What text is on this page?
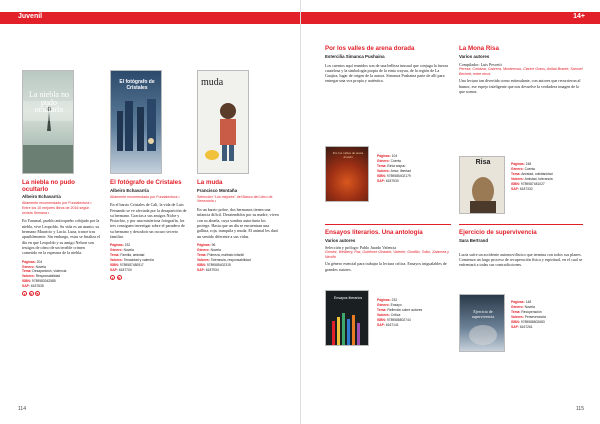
Juvenil
La niebla no pudo ocultarlo
El fotógrafo de Cristales	muda
La niebla no pudo ocultarlo
Albeiro Echavarría
Altamente recomendado por Fundalectura • Entre los 10 mejores libros de 2016 según revista Semana •
En Yarumal, pueblo antioqueño cobijado por la niebla, vive Leopoldo. Su vida es un asunto, su hermano Mauricio y Lucía. Luna, trance tras apasiblemente. Sin embargo, estas se finaliza el día en que Leopoldo y su amigo Nelson son testigos de cómo de un terrible crimen cometido en la espesura de la niebla.
Páginas: 204
Género: Novela
Tema: Desaparición, violencia
Valores: Responsabilidad
ISBN: 9789583042585
SAP: 6187835
●	★	✎
El fotógrafo de Cristales
Albeiro Echavarría
Altamente recomendado por Fundalectura •
En el barrio Cristales de Cali, la vida de Luis Fernando se ve afectada por la desaparición de su hermano. Gracias a sus amigos Niche y Pistachio, y por una misteriosa fotografía, los tres consiguen investigar sobre el paradero de su hermano y descubrir un oscuro secreto familiar.
Páginas: 232
Género: Novela
Tema: Familia, amistad
Valores: Tenacidad y valentía
ISBN: 9789587480517
SAP: 6187700
●	★
La muda
Francisco Montaña
Selección "Los mejores" del Banco del Libro de Venezuela •
En un barrio pobre, dos hermanos tienen una infancia difícil. Desatendidos por su madre, viven con su abuela, cuya sombra autoritaria los protege. Hasta que un día se encuentran una gallina, roja, tranquila y muda. El animal les dará un sentido diferente a sus vidas.
Páginas: 96
Género: Novela
Tema: Pobreza, maltrato infantil
Valores: Tolerancia, responsabilidad
ISBN: 9789585402315
SAP: 6187934
114
14+
Por los valles de arena dorada
Estercilia Simanca Pushaina
Los cuentos aquí reunidos son de una belleza inusual que conjuga la fuerza cautelosa y la simbología propia de la etnia wayuu, de la región de La Guajira, lugar de origen de la autora. Simanca Pushaina parte de allí para entregar una voz propia y auténtica.
Por los valles de arena dorada	Páginas: 104
Género: Cuento
Tema: Etnia wayuu
Valores: Amor, libertad
ISBN: 9789585402179
SAP: 6187930
La Mona Risa
Varios autores
Compilador: Luis Pescetti
Pereza, Cortázar, Cabrera, Monterroso, Clarice Grass, Anibal Brante, Samuel Beckett, entre otros.
Una lectura tan divertida como estimulante, con autores que recurrieron al humor, ese espejo inteligente que nos devuelve la verdadera imagen de lo que somos.
Risa	Páginas: 248
Género: Cuento
Tema: Amistad, cotidianidad
Valores: Amistad, tolerancia
ISBN: 9789587481027
SAP: 6187332
Ensayos literarios. Una antología
Varios autores
Selección y prólogo: Pablo Jurado Valencia
Gómez, Wellbery, Paz, Gutiérrez Girardot, Valente, Gordillo, Tolbo, Zalamea y Nicolfo
Un género esencial para trabajar la lectura crítica. Ensayos inigualables de grandes autores.
Ensayos literarios	Páginas: 232
Género: Ensayo
Tema: Reflexión sobre autores
Valores: Crítica
ISBN: 9789588802744
SAP: 6167141
Ejercicio de supervivencia
Sara Bertrand
Lucía sufre un accidente automovilístico que termina con todos sus planes. Comienza un largo proceso de recuperación física y espiritual, en el cual se enfrentará a todas sus contradicciones.
Ejercicio de supervivencia
Páginas: 148
Género: Novela
Tema: Recuperación
Valores: Perseverancia
ISBN: 9789588802683
SAP: 6167261
115
